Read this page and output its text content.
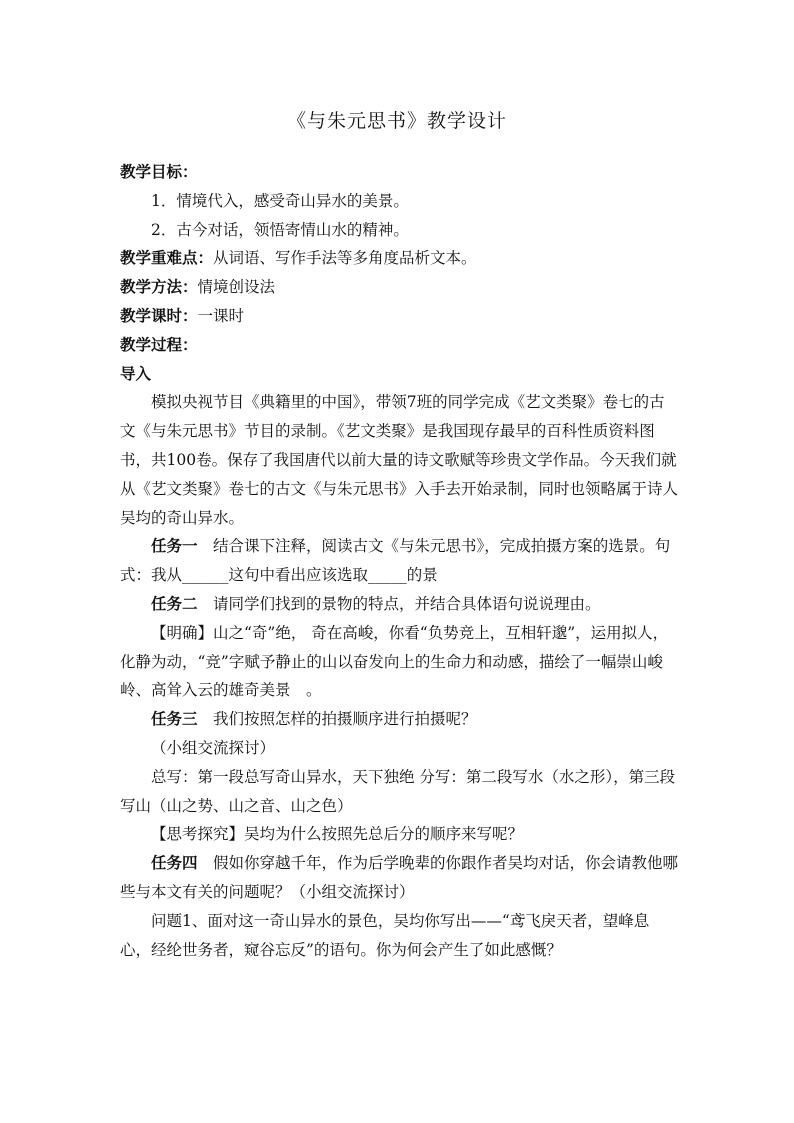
《与朱元思书》教学设计

教学目标：

1．情境代入，感受奇山异水的美景。

2．古今对话，领悟寄情山水的精神。

教学重难点：从词语、写作手法等多角度品析文本。

教学方法：情境创设法

教学课时：一课时

教学过程：

导入

模拟央视节目《典籍里的中国》，带领7班的同学完成《艺文类聚》卷七的古文《与朱元思书》节目的录制。《艺文类聚》是我国现存最早的百科性质资料图书，共100卷。保存了我国唐代以前大量的诗文歌赋等珍贵文学作品。今天我们就从《艺文类聚》卷七的古文《与朱元思书》入手去开始录制，同时也领略属于诗人吴均的奇山异水。

任务一　结合课下注释，阅读古文《与朱元思书》，完成拍摄方案的选景。句式：我从______这句中看出应该选取_____的景

任务二　请同学们找到的景物的特点，并结合具体语句说说理由。

【明确】山之“奇”绝， 奇在高峻，你看“负势竞上，互相轩邈”，运用拟人，化静为动，“竞”字赋予静止的山以奋发向上的生命力和动感，描绘了一幅崇山峻岭、高耸入云的雄奇美景　。

任务三　我们按照怎样的拍摄顺序进行拍摄呢？

（小组交流探讨）

总写：第一段总写奇山异水，天下独绝 分写：第二段写水（水之形），第三段写山（山之势、山之音、山之色）

【思考探究】吴均为什么按照先总后分的顺序来写呢？

任务四　假如你穿越千年，作为后学晚辈的你跟作者吴均对话，你会请教他哪些与本文有关的问题呢？（小组交流探讨）

问题1、面对这一奇山异水的景色，吴均你写出——“鸢飞戾天者，望峰息心，经纶世务者，窥谷忘反”的语句。你为何会产生了如此感慨？
